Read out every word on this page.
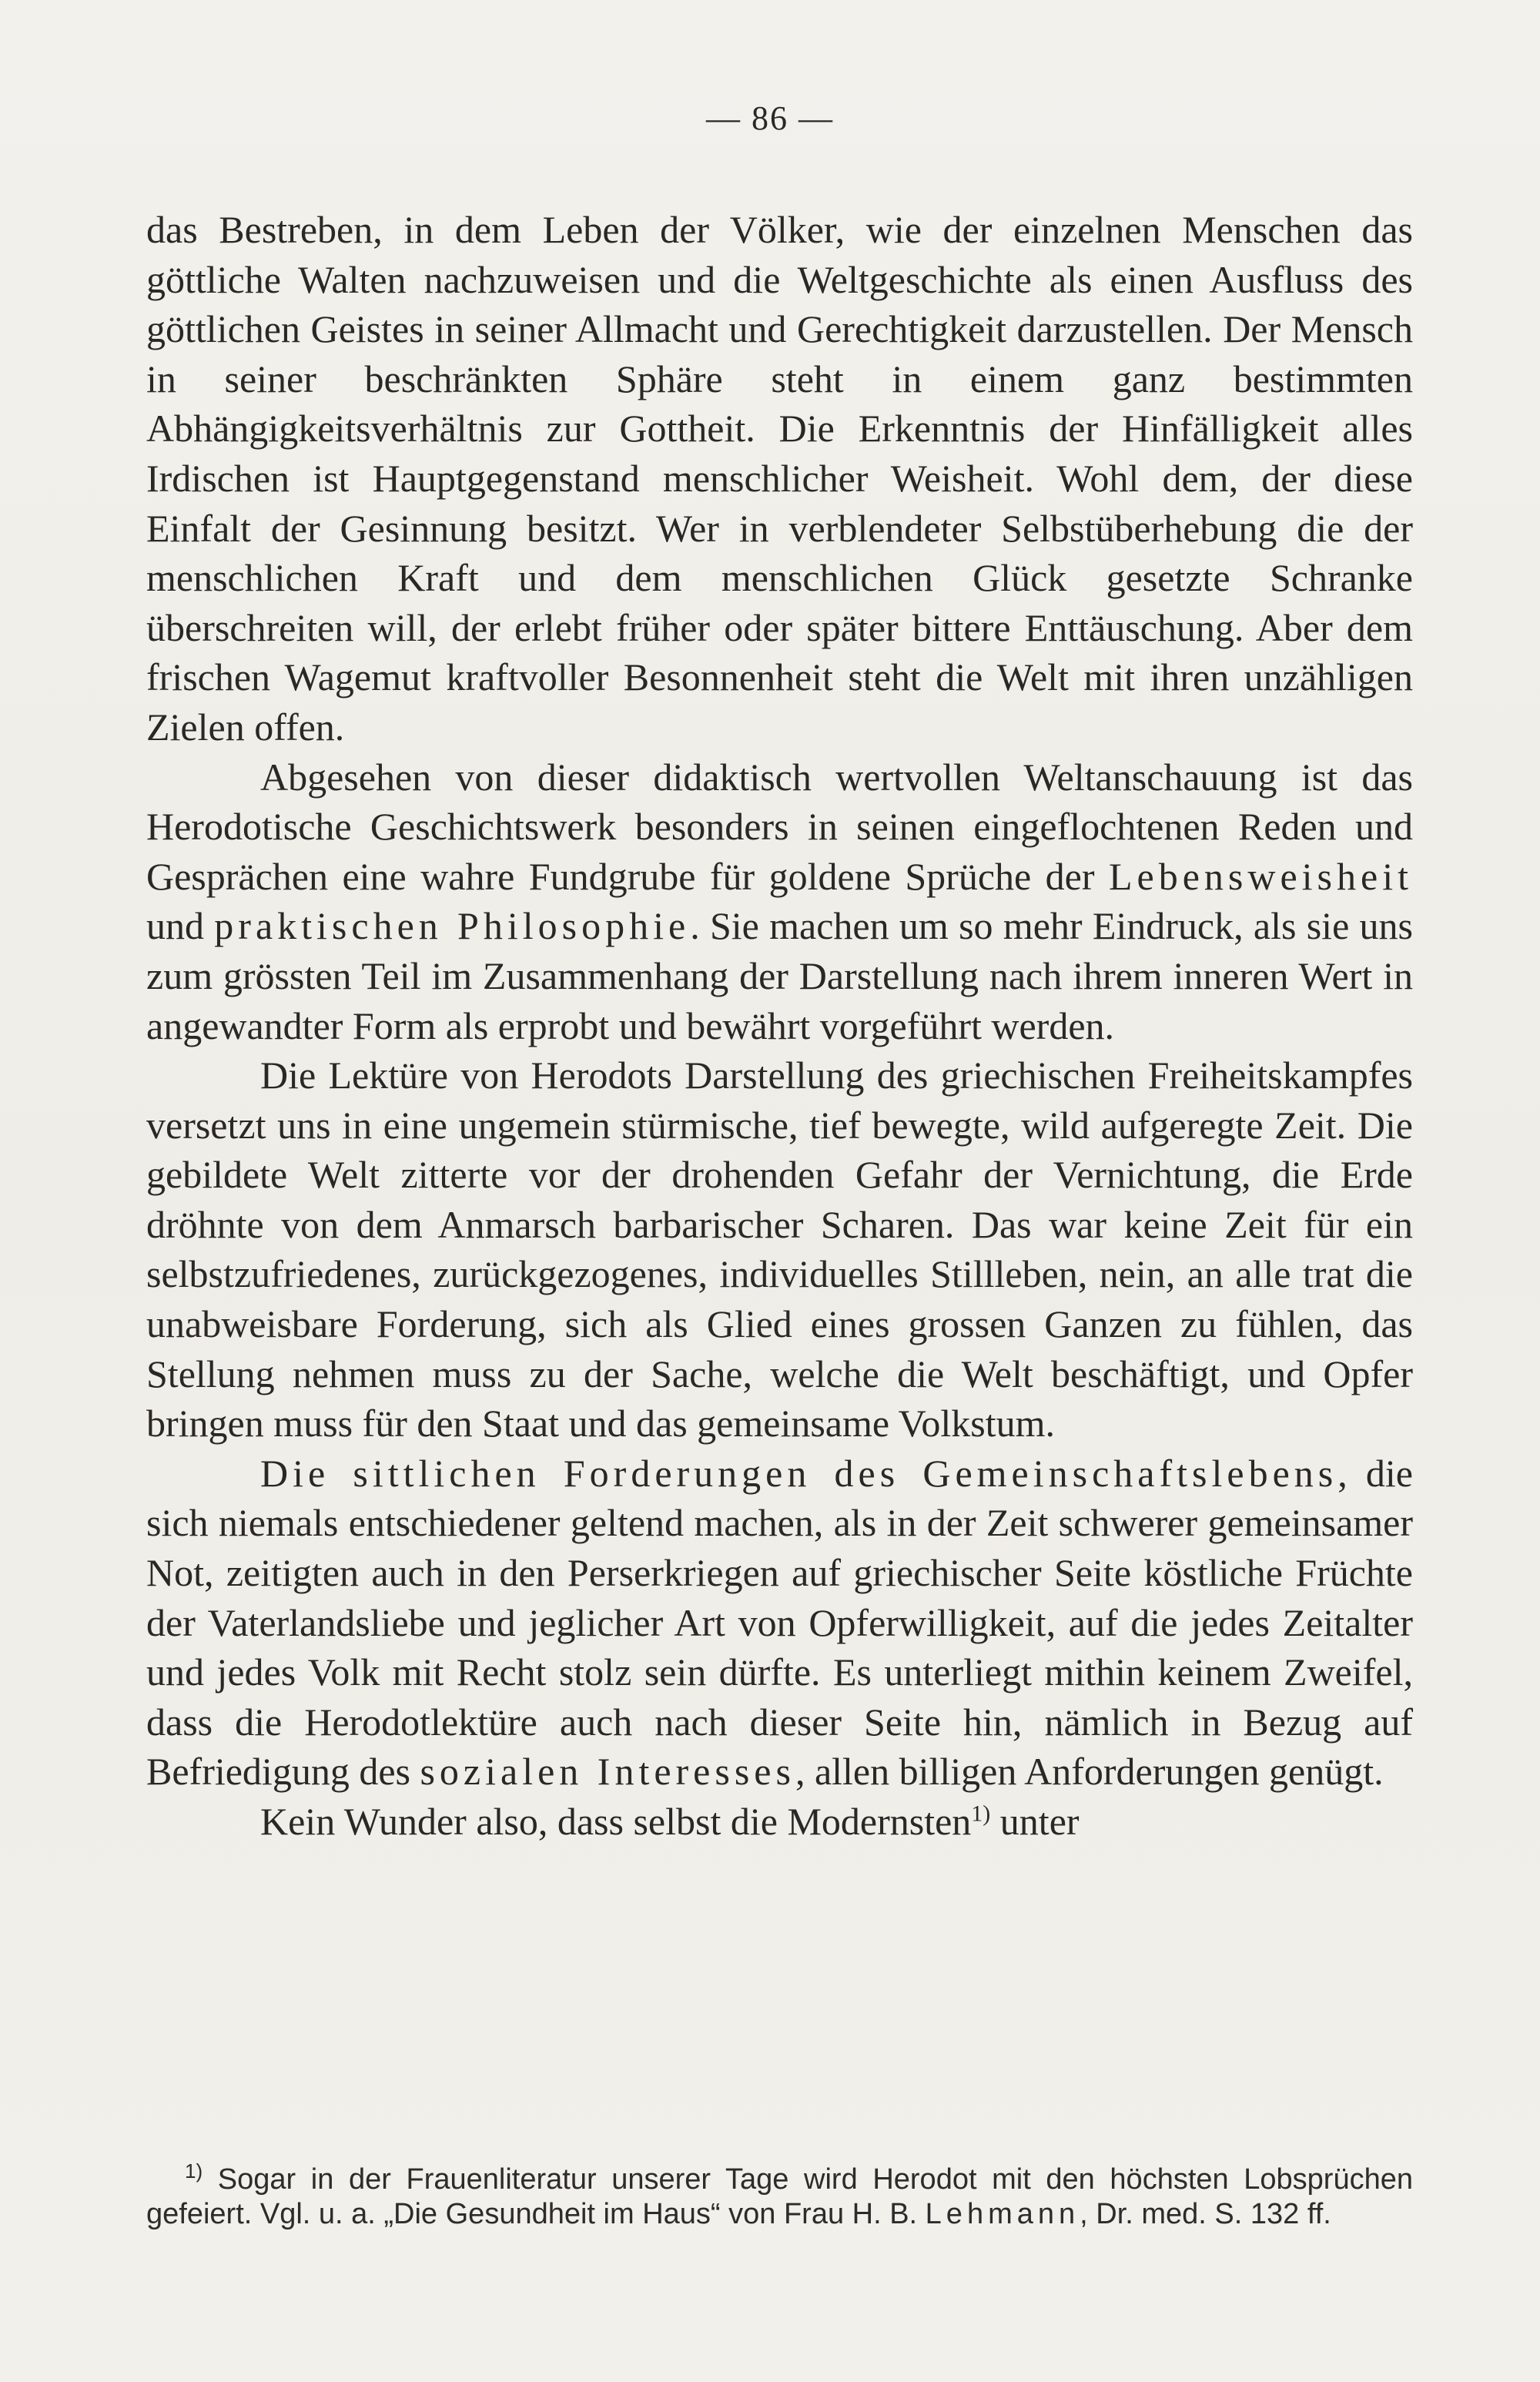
— 86 —

das Bestreben, in dem Leben der Völker, wie der einzelnen Menschen das göttliche Walten nachzuweisen und die Weltgeschichte als einen Ausfluss des göttlichen Geistes in seiner Allmacht und Gerechtigkeit darzustellen. Der Mensch in seiner beschränkten Sphäre steht in einem ganz bestimmten Abhängigkeitsverhältnis zur Gottheit. Die Erkenntnis der Hinfälligkeit alles Irdischen ist Hauptgegenstand menschlicher Weisheit. Wohl dem, der diese Einfalt der Gesinnung besitzt. Wer in verblendeter Selbstüberhebung die der menschlichen Kraft und dem menschlichen Glück gesetzte Schranke überschreiten will, der erlebt früher oder später bittere Enttäuschung. Aber dem frischen Wagemut kraftvoller Besonnenheit steht die Welt mit ihren unzähligen Zielen offen.

Abgesehen von dieser didaktisch wertvollen Weltanschauung ist das Herodotische Geschichtswerk besonders in seinen eingeflochtenen Reden und Gesprächen eine wahre Fundgrube für goldene Sprüche der Lebensweisheit und praktischen Philosophie. Sie machen um so mehr Eindruck, als sie uns zum grössten Teil im Zusammenhang der Darstellung nach ihrem inneren Wert in angewandter Form als erprobt und bewährt vorgeführt werden.

Die Lektüre von Herodots Darstellung des griechischen Freiheitskampfes versetzt uns in eine ungemein stürmische, tief bewegte, wild aufgeregte Zeit. Die gebildete Welt zitterte vor der drohenden Gefahr der Vernichtung, die Erde dröhnte von dem Anmarsch barbarischer Scharen. Das war keine Zeit für ein selbstzufriedenes, zurückgezogenes, individuelles Stillleben, nein, an alle trat die unabweisbare Forderung, sich als Glied eines grossen Ganzen zu fühlen, das Stellung nehmen muss zu der Sache, welche die Welt beschäftigt, und Opfer bringen muss für den Staat und das gemeinsame Volkstum.

Die sittlichen Forderungen des Gemeinschaftslebens, die sich niemals entschiedener geltend machen, als in der Zeit schwerer gemeinsamer Not, zeitigten auch in den Perserkriegen auf griechischer Seite köstliche Früchte der Vaterlandsliebe und jeglicher Art von Opferwilligkeit, auf die jedes Zeitalter und jedes Volk mit Recht stolz sein dürfte. Es unterliegt mithin keinem Zweifel, dass die Herodotlektüre auch nach dieser Seite hin, nämlich in Bezug auf Befriedigung des sozialen Interesses, allen billigen Anforderungen genügt.

Kein Wunder also, dass selbst die Modernsten$^{1)}$ unter

$^{1)}$ Sogar in der Frauenliteratur unserer Tage wird Herodot mit den höchsten Lobsprüchen gefeiert. Vgl. u. a. „Die Gesundheit im Haus“ von Frau H. B. Lehmann, Dr. med. S. 132 ff.
